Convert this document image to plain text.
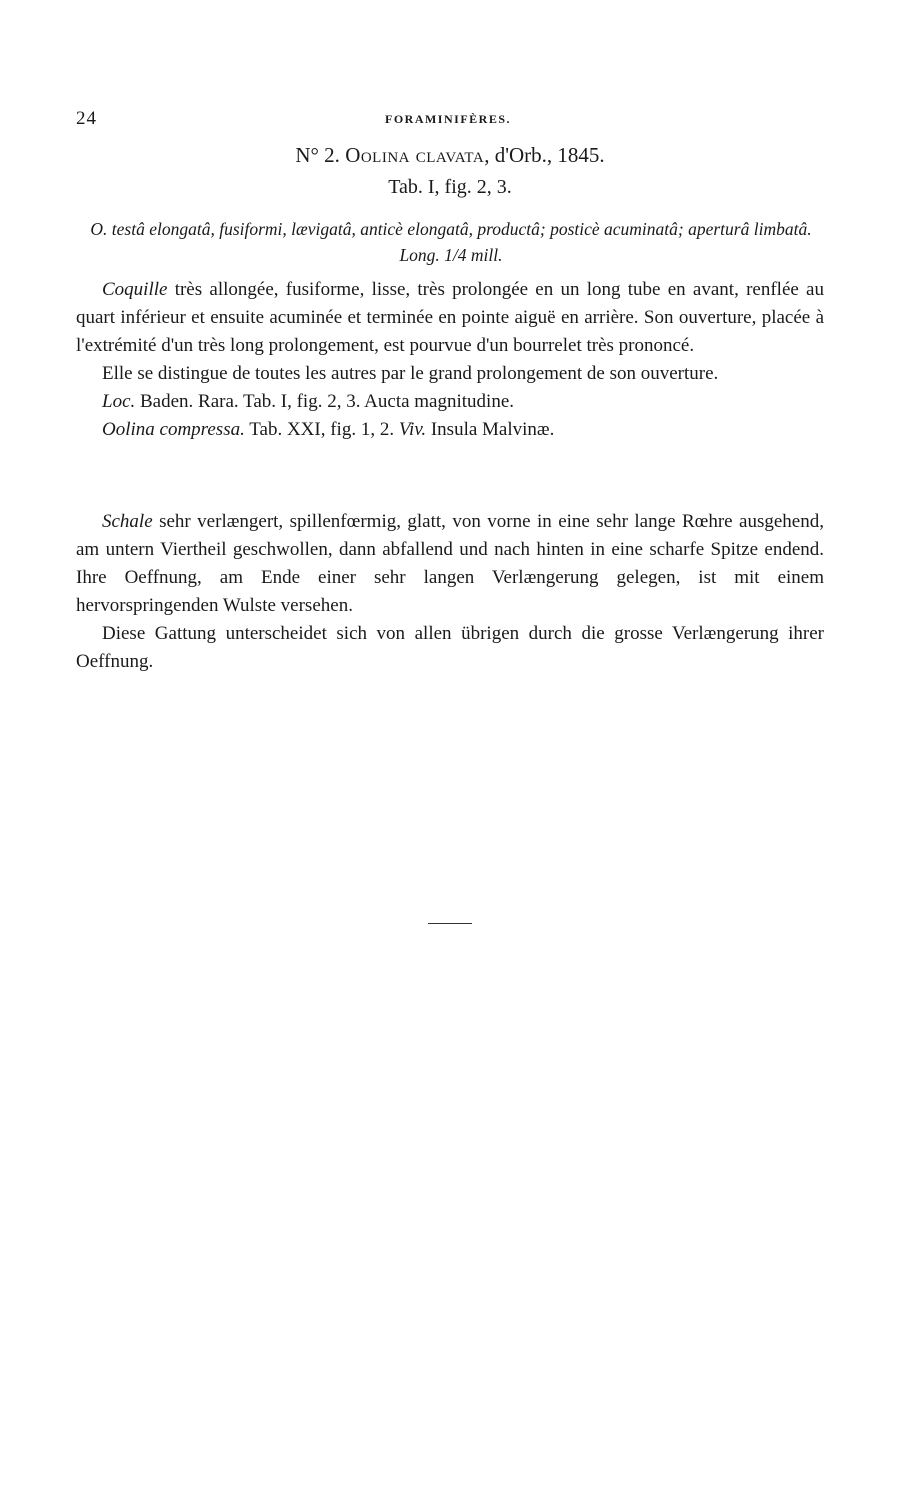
24	FORAMINIFÈRES.
N° 2. Oolina clavata, d'Orb., 1845.
Tab. I, fig. 2, 3.
O. testâ elongatâ, fusiformi, lævigatâ, anticè elongatâ, productâ; posticè acuminatâ; aperturâ limbatâ. Long. 1/4 mill.

Coquille très allongée, fusiforme, lisse, très prolongée en un long tube en avant, renflée au quart inférieur et ensuite acuminée et terminée en pointe aiguë en arrière. Son ouverture, placée à l'extrémité d'un très long prolongement, est pourvue d'un bourrelet très prononcé.

Elle se distingue de toutes les autres par le grand prolongement de son ouverture.

Loc. Baden. Rara. Tab. I, fig. 2, 3. Aucta magnitudine.

Oolina compressa. Tab. XXI, fig. 1, 2. Viv. Insula Malvinæ.

Schale sehr verlængert, spillenfœrmig, glatt, von vorne in eine sehr lange Rœhre ausgehend, am untern Viertheil geschwollen, dann abfallend und nach hinten in eine scharfe Spitze endend. Ihre Oeffnung, am Ende einer sehr langen Verlængerung gelegen, ist mit einem hervorspringenden Wulste versehen.

Diese Gattung unterscheidet sich von allen übrigen durch die grosse Verlængerung ihrer Oeffnung.
